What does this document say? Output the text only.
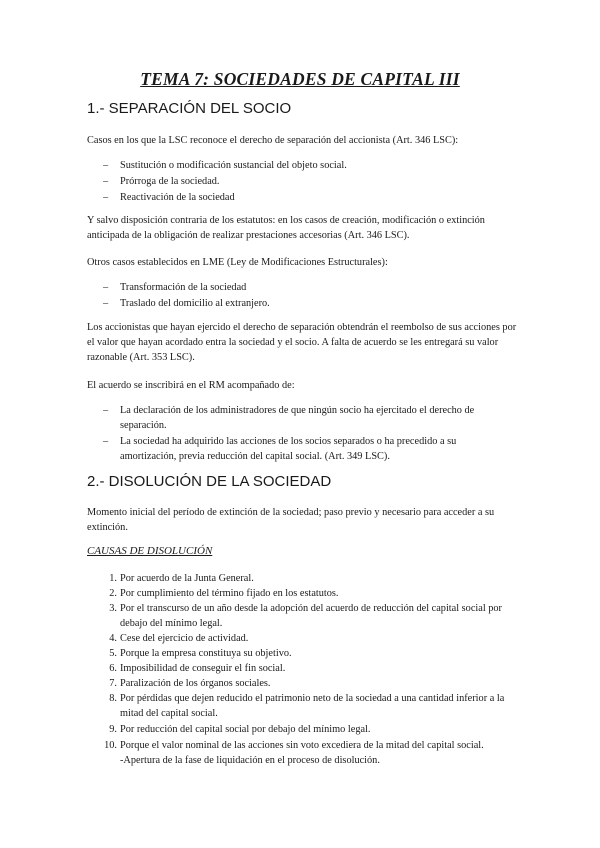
TEMA 7: SOCIEDADES DE CAPITAL III
1.- SEPARACIÓN DEL SOCIO
Casos en los que la LSC reconoce el derecho de separación del accionista (Art. 346 LSC):
–	Sustitución o modificación sustancial del objeto social.
–	Prórroga de la sociedad.
–	Reactivación de la sociedad
Y salvo disposición contraria de los estatutos: en los casos de creación, modificación o extinción anticipada de la obligación de realizar prestaciones accesorias (Art. 346 LSC).
Otros casos establecidos en LME (Ley de Modificaciones Estructurales):
–	Transformación de la sociedad
–	Traslado del domicilio al extranjero.
Los accionistas que hayan ejercido el derecho de separación obtendrán el reembolso de sus acciones por el valor que hayan acordado entra la sociedad y el socio. A falta de acuerdo se les entregará su valor razonable (Art. 353 LSC).
El acuerdo se inscribirá en el RM acompañado de:
–	La declaración de los administradores de que ningún socio ha ejercitado el derecho de separación.
–	La sociedad ha adquirido las acciones de los socios separados o ha precedido a su amortización, previa reducción del capital social. (Art. 349 LSC).
2.- DISOLUCIÓN DE LA SOCIEDAD
Momento inicial del período de extinción de la sociedad; paso previo y necesario para acceder a su extinción.
CAUSAS DE DISOLUCIÓN
1. Por acuerdo de la Junta General.
2. Por cumplimiento del término fijado en los estatutos.
3. Por el transcurso de un año desde la adopción del acuerdo de reducción del capital social por debajo del mínimo legal.
4. Cese del ejercicio de actividad.
5. Porque la empresa constituya su objetivo.
6. Imposibilidad de conseguir el fin social.
7. Paralización de los órganos sociales.
8. Por pérdidas que dejen reducido el patrimonio neto de la sociedad a una cantidad inferior a la mitad del capital social.
9. Por reducción del capital social por debajo del mínimo legal.
10. Porque el valor nominal de las acciones sin voto excediera de la mitad del capital social.
-Apertura de la fase de liquidación en el proceso de disolución.
